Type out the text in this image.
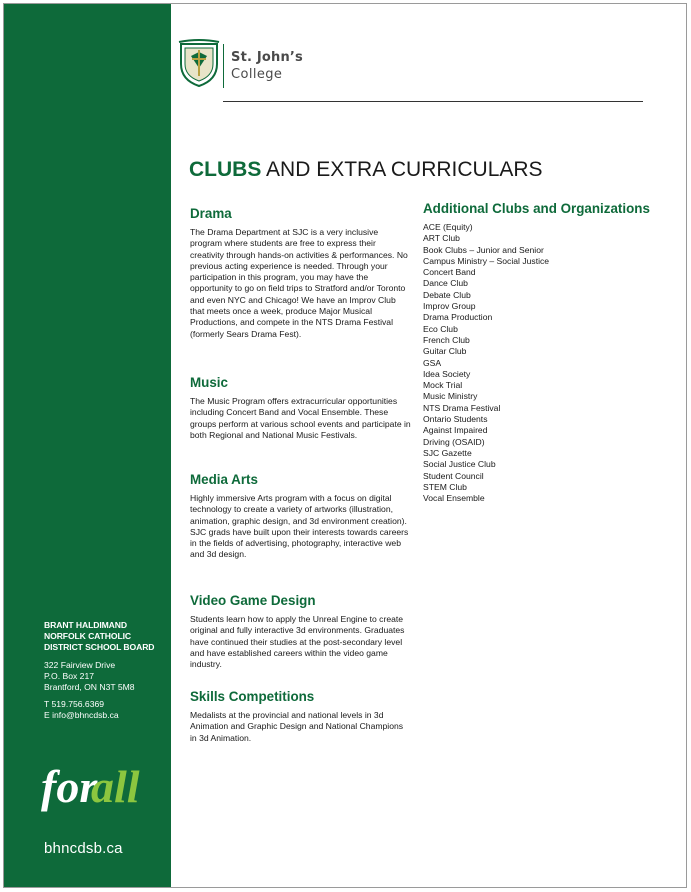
BRANT HALDIMAND
NORFOLK CATHOLIC
DISTRICT SCHOOL BOARD
322 Fairview Drive
P.O. Box 217
Brantford, ON N3T 5M8
T 519.756.6369
E info@bhncdsb.ca
for
all
bhncdsb.ca
St. John’s
College
CLUBS AND EXTRA CURRICULARS
Drama

The Drama Department at SJC is a very inclusive program where students are free to express their creativity through hands-on activities & performances. No previous acting experience is needed. Through your participation in this program, you may have the opportunity to go on field trips to Stratford and/or Toronto and even NYC and Chicago! We have an Improv Club that meets once a week, produce Major Musical Productions, and compete in the NTS Drama Festival (formerly Sears Drama Fest).

Music

The Music Program offers extracurricular opportunities including Concert Band and Vocal Ensemble. These groups perform at various school events and participate in both Regional and National Music Festivals.

Media Arts

Highly immersive Arts program with a focus on digital technology to create a variety of artworks (illustration, animation, graphic design, and 3d environment creation). SJC grads have built upon their interests towards careers in the fields of advertising, photography, interactive web and 3d design.

Video Game Design

Students learn how to apply the Unreal Engine to create original and fully interactive 3d environments. Graduates have continued their studies at the post-secondary level and have established careers within the video game industry.

Skills Competitions

Medalists at the provincial and national levels in 3d Animation and Graphic Design and National Champions in 3d Animation.

Additional Clubs and Organizations
ACE (Equity)
ART Club
Book Clubs – Junior and Senior
Campus Ministry – Social Justice
Concert Band
Dance Club
Debate Club
Improv Group
Drama Production
Eco Club
French Club
Guitar Club
GSA
Idea Society
Mock Trial
Music Ministry
NTS Drama Festival
Ontario Students
Against Impaired
Driving (OSAID)
SJC Gazette
Social Justice Club
Student Council
STEM Club
Vocal Ensemble
